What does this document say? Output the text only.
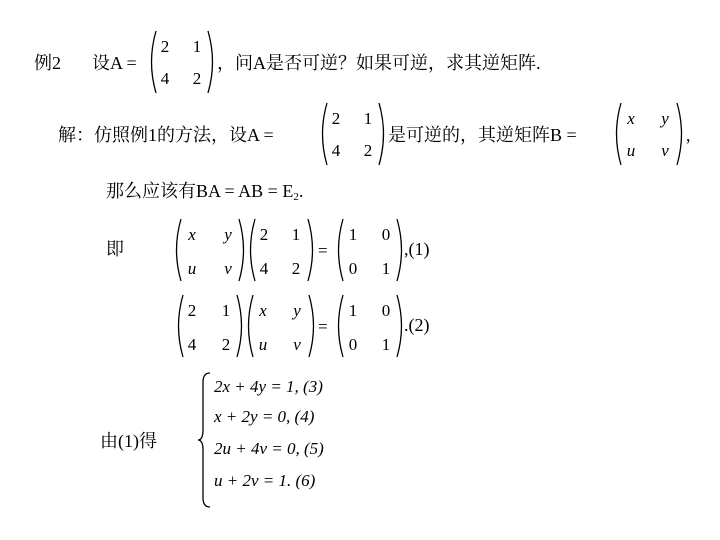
例2 设A =
2	1
4	2
，问A是否可逆？如果可逆，求其逆矩阵.
解：仿照例1的方法，设A =
2	1
4	2
是可逆的，其逆矩阵B =
x	y
u	v
,
那么应该有BA = AB = $E_2$.
即
x	y
u	v
2	1
4	2
=
1	0
0	1
,(1)
2	1
4	2
x	y
u	v
=
1	0
0	1
.(2)
由(1)得
2x + 4y = 1, (3)
x + 2y = 0, (4)
2u + 4v = 0, (5)
u + 2v = 1. (6)
